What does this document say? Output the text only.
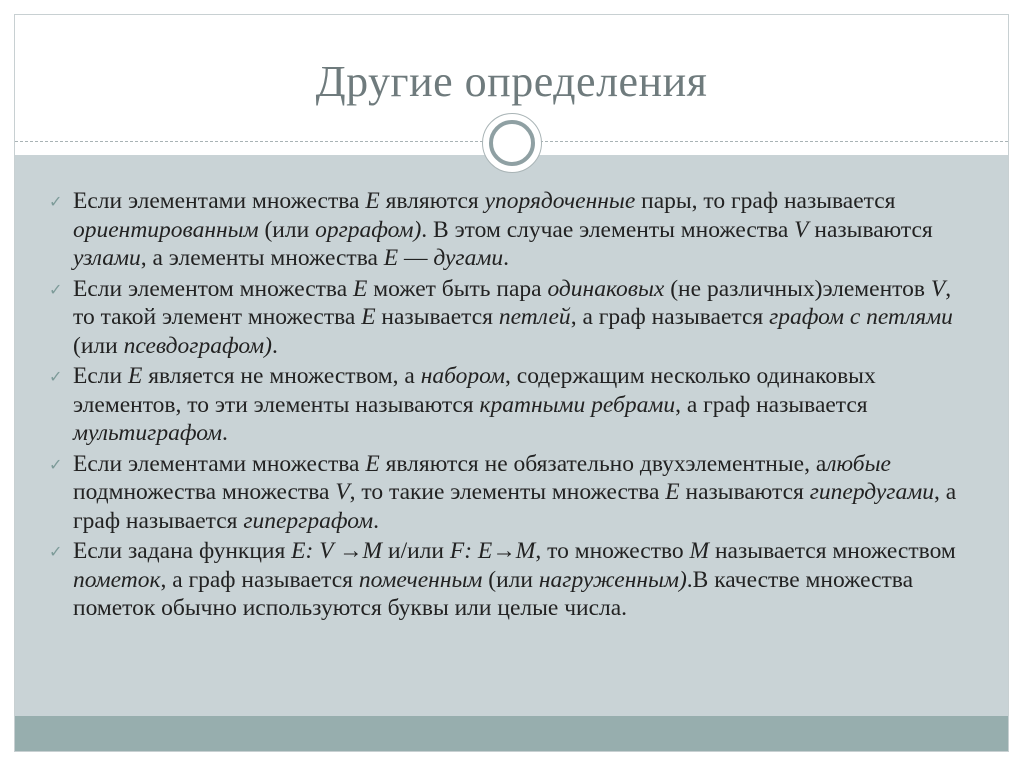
Другие определения
✓ Если элементами множества E являются упорядоченные пары, то граф называется ориентированным (или орграфом). В этом случае элементы множества V называются узлами, а элементы множества E — дугами.
✓ Если элементом множества E может быть пара одинаковых (не различных)элементов V, то такой элемент множества E называется петлей, а граф называется графом с петлями (или псевдографом).
✓ Если E является не множеством, а набором, содержащим несколько одинаковых элементов, то эти элементы называются кратными ребрами, а граф называется мультиграфом.
✓ Если элементами множества E являются не обязательно двухэлементные, алюбые подмножества множества V, то такие элементы множества E называются гипердугами, а граф называется гиперграфом.
✓ Если задана функция E: V →M и/или F: E→M, то множество M называется множеством пометок, а граф называется помеченным (или нагруженным).В качестве множества пометок обычно используются буквы или целые числа.
